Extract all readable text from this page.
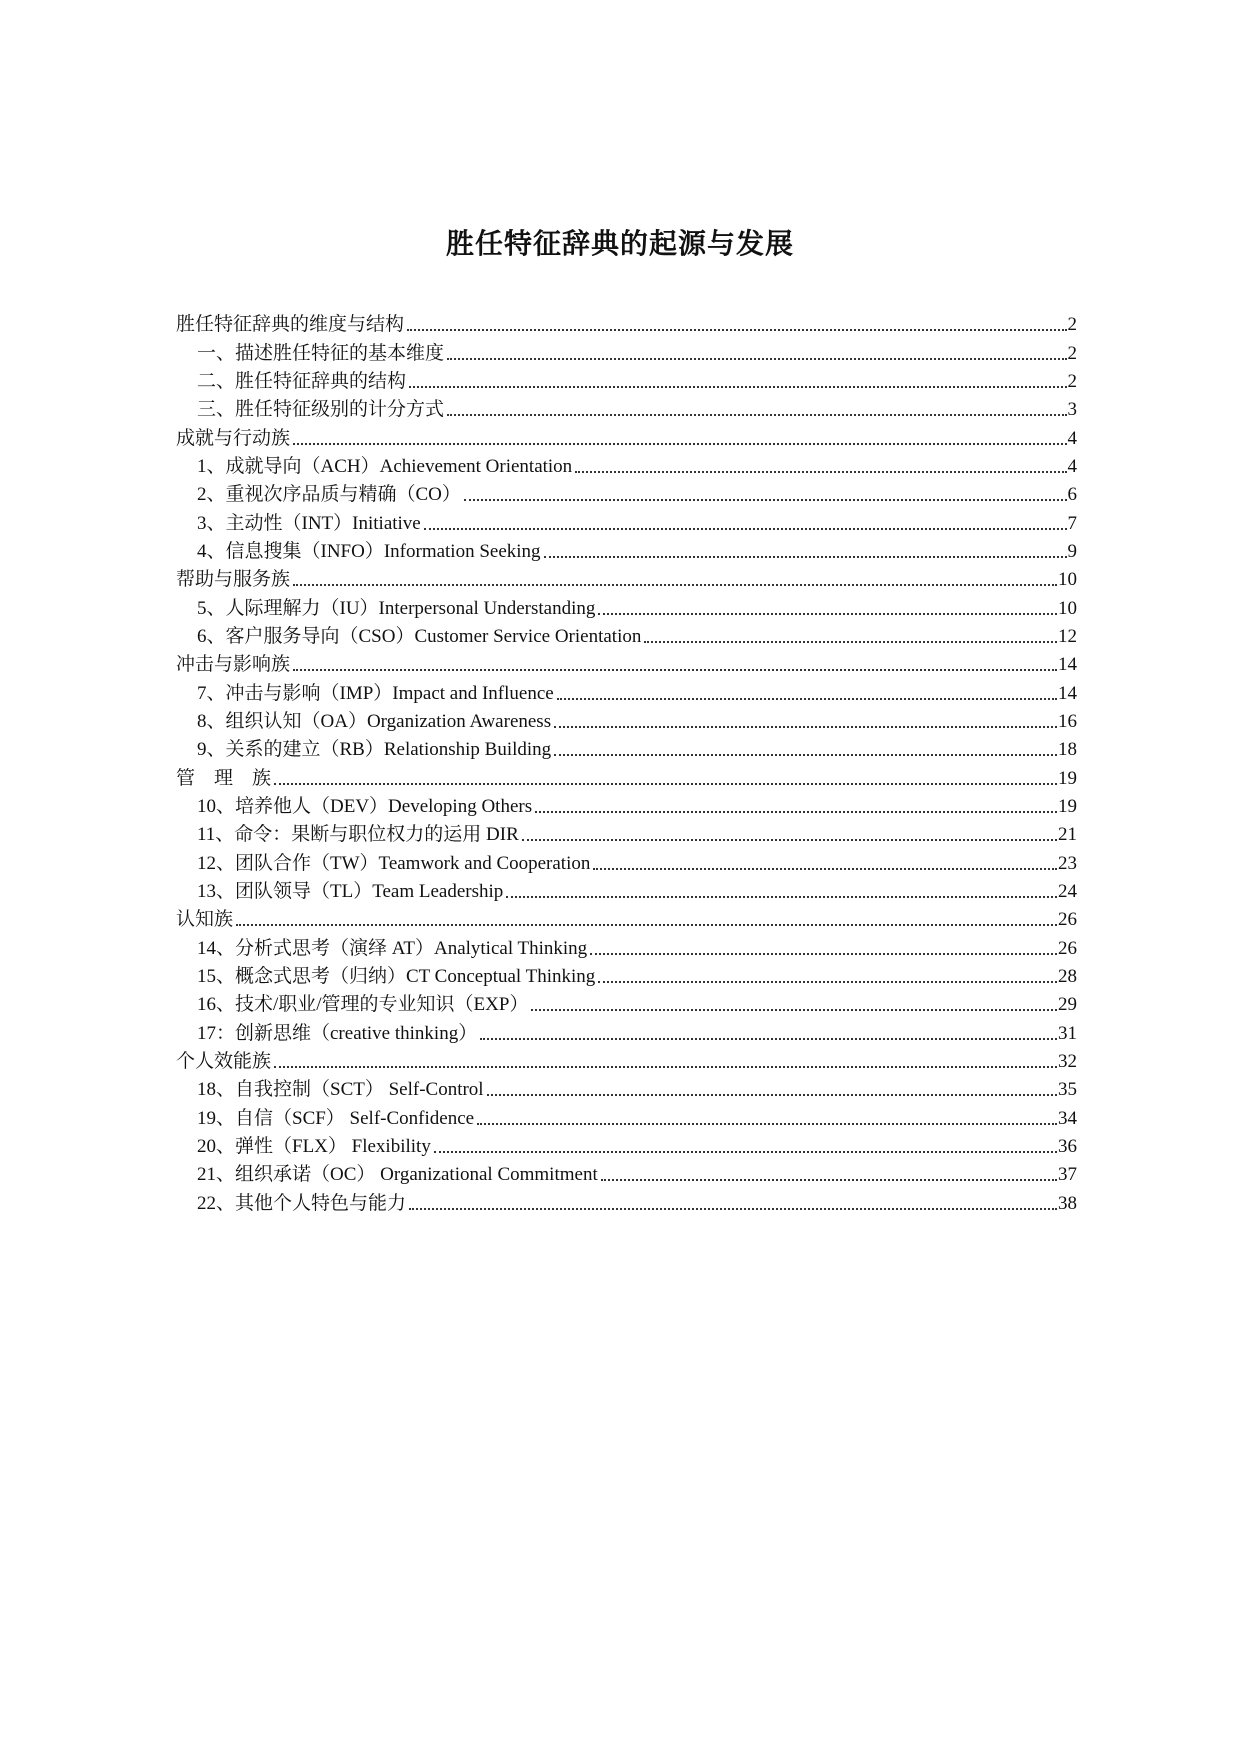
胜任特征辞典的起源与发展
胜任特征辞典的维度与结构	2
一、描述胜任特征的基本维度	2
二、胜任特征辞典的结构	2
三、胜任特征级别的计分方式	3
成就与行动族	4
1、成就导向（ACH）Achievement Orientation	4
2、重视次序品质与精确（CO）	6
3、主动性（INT）Initiative	7
4、信息搜集（INFO）Information Seeking	9
帮助与服务族	10
5、人际理解力（IU）Interpersonal Understanding	10
6、客户服务导向（CSO）Customer Service Orientation	12
冲击与影响族	14
7、冲击与影响（IMP）Impact and Influence	14
8、组织认知（OA）Organization Awareness	16
9、关系的建立（RB）Relationship Building	18
管　理　族	19
10、培养他人（DEV）Developing Others	19
11、命令：果断与职位权力的运用 DIR	21
12、团队合作（TW）Teamwork and Cooperation	23
13、团队领导（TL）Team Leadership	24
认知族	26
14、分析式思考（演绎 AT）Analytical Thinking	26
15、概念式思考（归纳）CT Conceptual Thinking	28
16、技术/职业/管理的专业知识（EXP）	29
17：创新思维（creative thinking）	31
个人效能族	32
18、自我控制（SCT） Self-Control	35
19、自信（SCF） Self-Confidence	34
20、弹性（FLX） Flexibility	36
21、组织承诺（OC） Organizational Commitment	37
22、其他个人特色与能力	38
